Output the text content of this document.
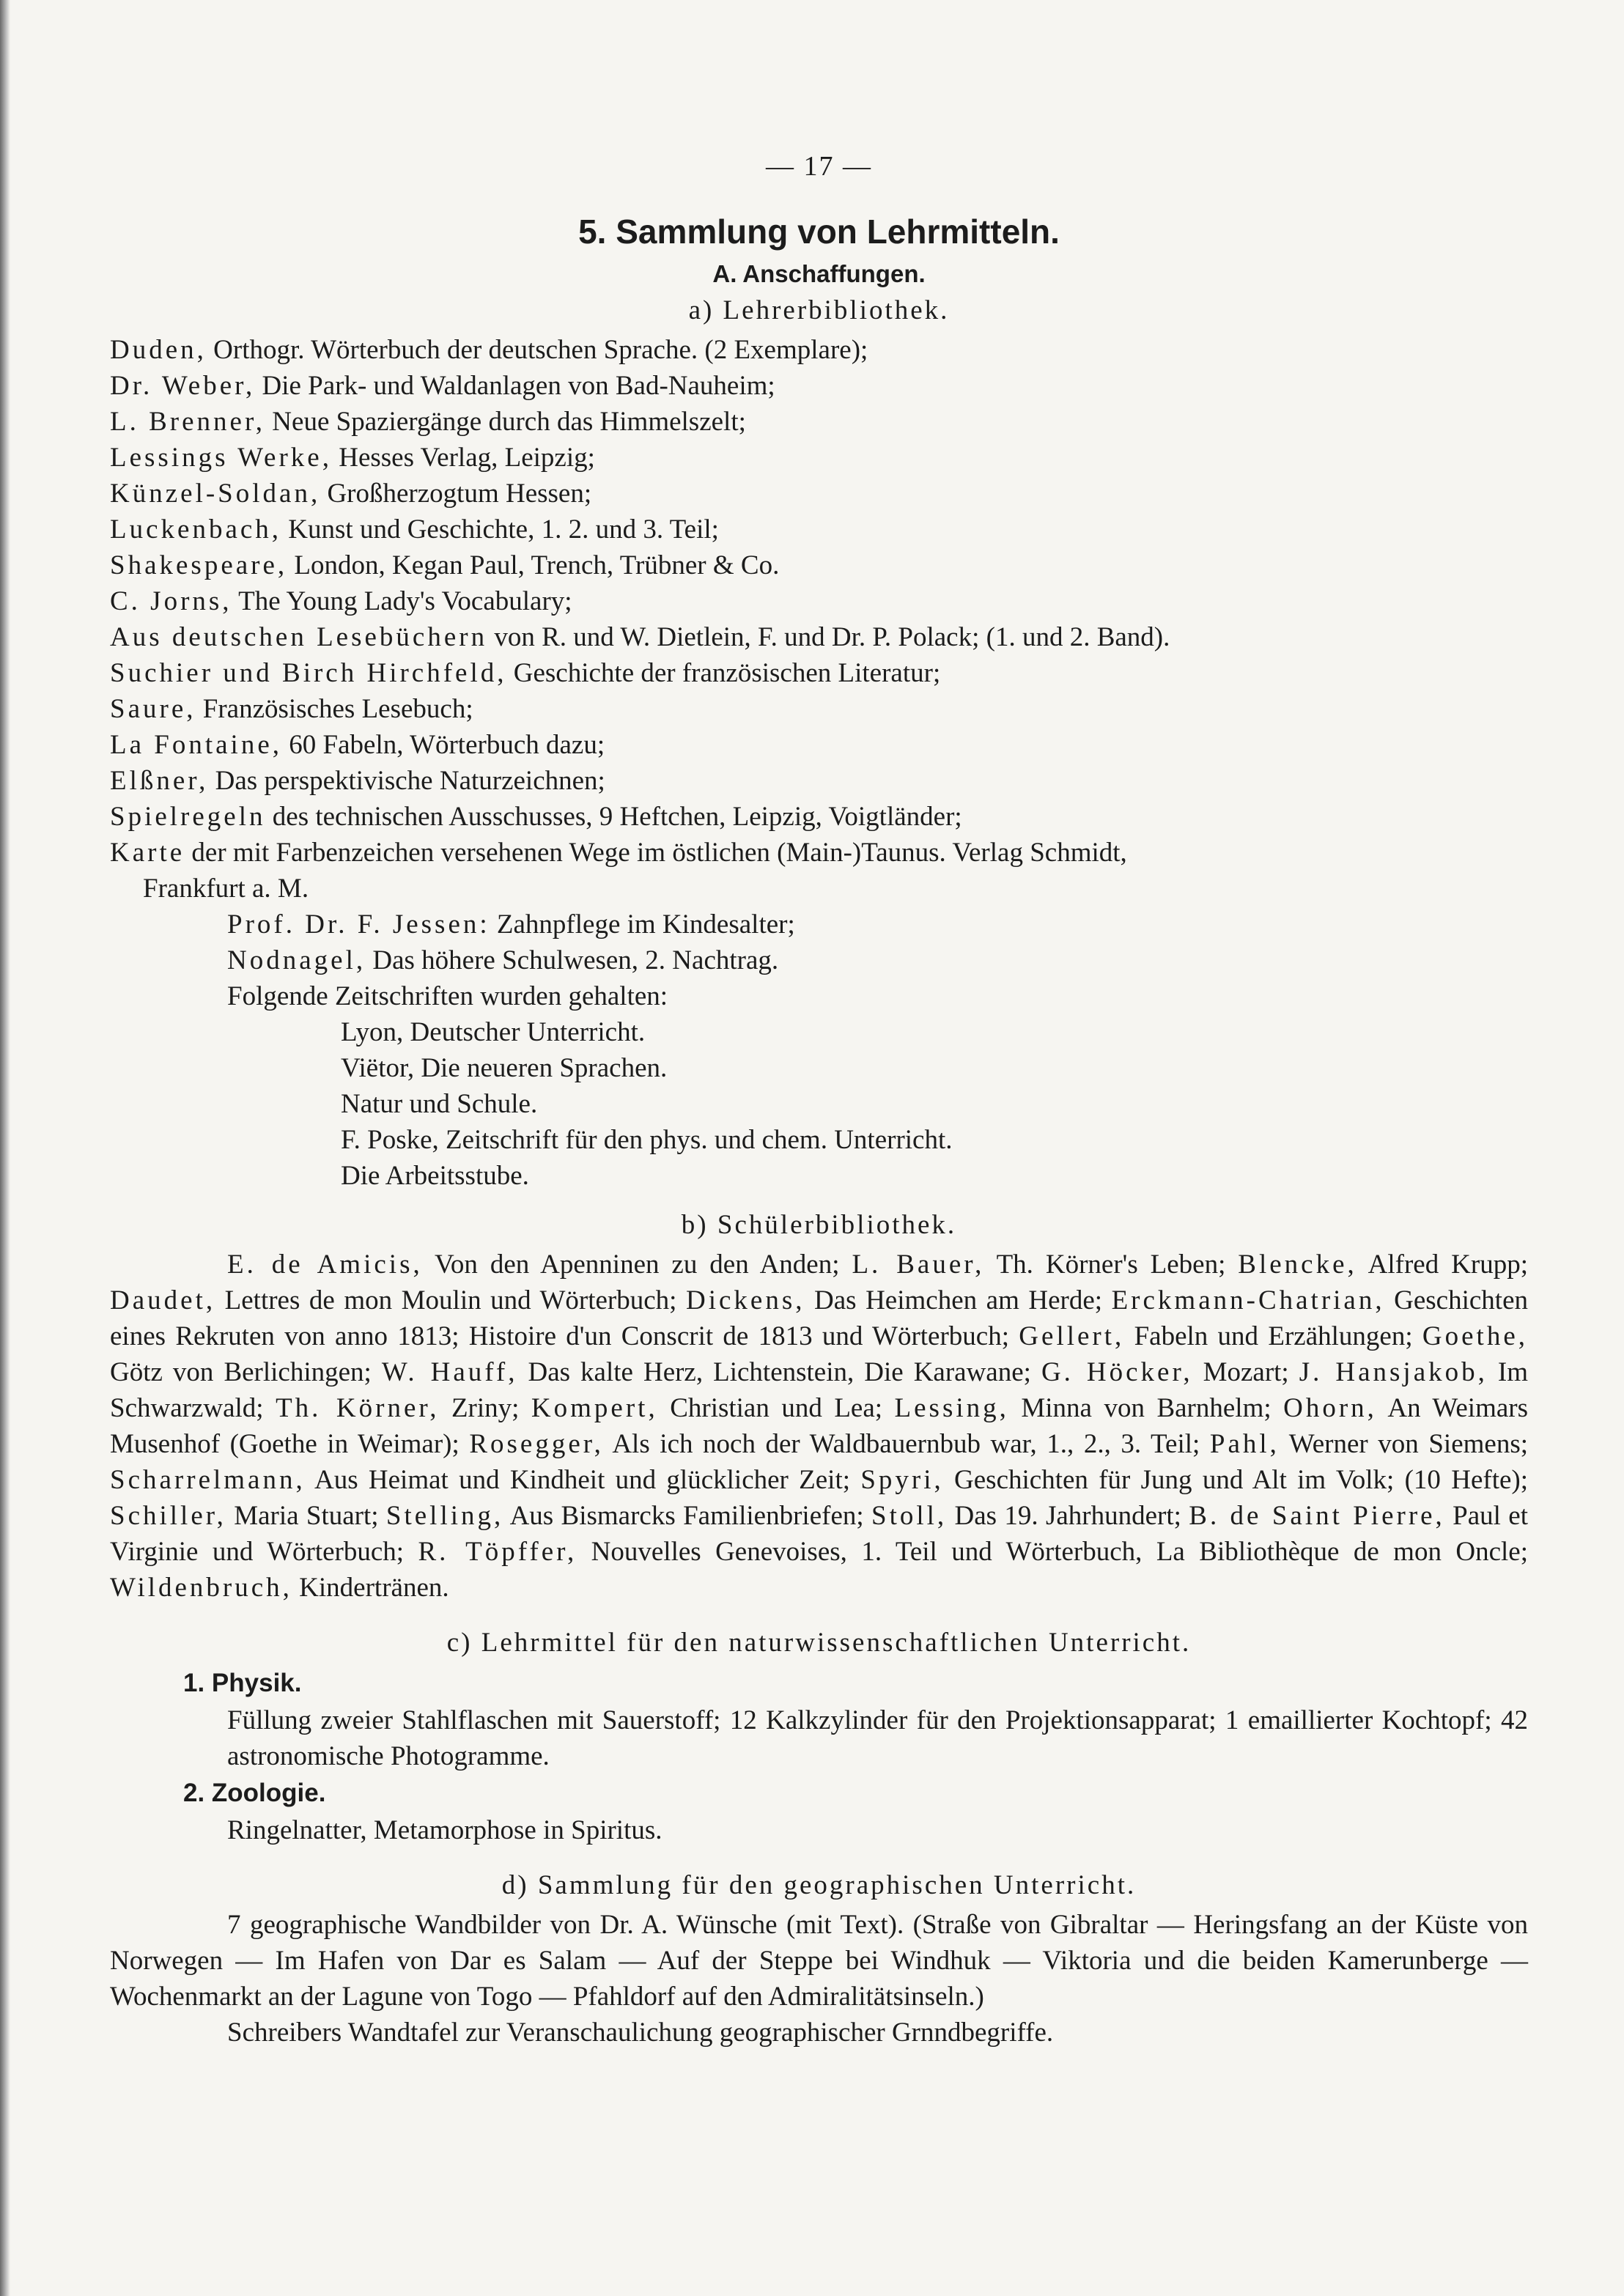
— 17 —

5. Sammlung von Lehrmitteln.

A. Anschaffungen.

a) Lehrerbibliothek.

Duden, Orthogr. Wörterbuch der deutschen Sprache. (2 Exemplare);

Dr. Weber, Die Park- und Waldanlagen von Bad-Nauheim;

L. Brenner, Neue Spaziergänge durch das Himmelszelt;

Lessings Werke, Hesses Verlag, Leipzig;

Künzel-Soldan, Großherzogtum Hessen;

Luckenbach, Kunst und Geschichte, 1. 2. und 3. Teil;

Shakespeare, London, Kegan Paul, Trench, Trübner & Co.

C. Jorns, The Young Lady's Vocabulary;

Aus deutschen Lesebüchern von R. und W. Dietlein, F. und Dr. P. Polack; (1. und 2. Band).

Suchier und Birch Hirchfeld, Geschichte der französischen Literatur;

Saure, Französisches Lesebuch;

La Fontaine, 60 Fabeln, Wörterbuch dazu;

Elßner, Das perspektivische Naturzeichnen;

Spielregeln des technischen Ausschusses, 9 Heftchen, Leipzig, Voigtländer;

Karte der mit Farbenzeichen versehenen Wege im östlichen (Main-)Taunus. Verlag Schmidt,

Frankfurt a. M.

Prof. Dr. F. Jessen: Zahnpflege im Kindesalter;

Nodnagel, Das höhere Schulwesen, 2. Nachtrag.

Folgende Zeitschriften wurden gehalten:

Lyon, Deutscher Unterricht.

Viëtor, Die neueren Sprachen.

Natur und Schule.

F. Poske, Zeitschrift für den phys. und chem. Unterricht.

Die Arbeitsstube.

b) Schülerbibliothek.

E. de Amicis, Von den Apenninen zu den Anden; L. Bauer, Th. Körner's Leben; Blencke, Alfred Krupp; Daudet, Lettres de mon Moulin und Wörterbuch; Dickens, Das Heimchen am Herde; Erckmann-Chatrian, Geschichten eines Rekruten von anno 1813; Histoire d'un Conscrit de 1813 und Wörterbuch; Gellert, Fabeln und Erzählungen; Goethe, Götz von Berlichingen; W. Hauff, Das kalte Herz, Lichtenstein, Die Karawane; G. Höcker, Mozart; J. Hansjakob, Im Schwarzwald; Th. Körner, Zriny; Kompert, Christian und Lea; Lessing, Minna von Barnhelm; Ohorn, An Weimars Musenhof (Goethe in Weimar); Rosegger, Als ich noch der Waldbauernbub war, 1., 2., 3. Teil; Pahl, Werner von Siemens; Scharrelmann, Aus Heimat und Kindheit und glücklicher Zeit; Spyri, Geschichten für Jung und Alt im Volk; (10 Hefte); Schiller, Maria Stuart; Stelling, Aus Bismarcks Familienbriefen; Stoll, Das 19. Jahrhundert; B. de Saint Pierre, Paul et Virginie und Wörterbuch; R. Töpffer, Nouvelles Genevoises, 1. Teil und Wörterbuch, La Bibliothèque de mon Oncle; Wildenbruch, Kindertränen.

c) Lehrmittel für den naturwissenschaftlichen Unterricht.

1. Physik.

Füllung zweier Stahlflaschen mit Sauerstoff; 12 Kalkzylinder für den Projektionsapparat; 1 emaillierter Kochtopf; 42 astronomische Photogramme.

2. Zoologie.

Ringelnatter, Metamorphose in Spiritus.

d) Sammlung für den geographischen Unterricht.

7 geographische Wandbilder von Dr. A. Wünsche (mit Text). (Straße von Gibraltar — Heringsfang an der Küste von Norwegen — Im Hafen von Dar es Salam — Auf der Steppe bei Windhuk — Viktoria und die beiden Kamerunberge — Wochenmarkt an der Lagune von Togo — Pfahldorf auf den Admiralitätsinseln.)

Schreibers Wandtafel zur Veranschaulichung geographischer Grnndbegriffe.
